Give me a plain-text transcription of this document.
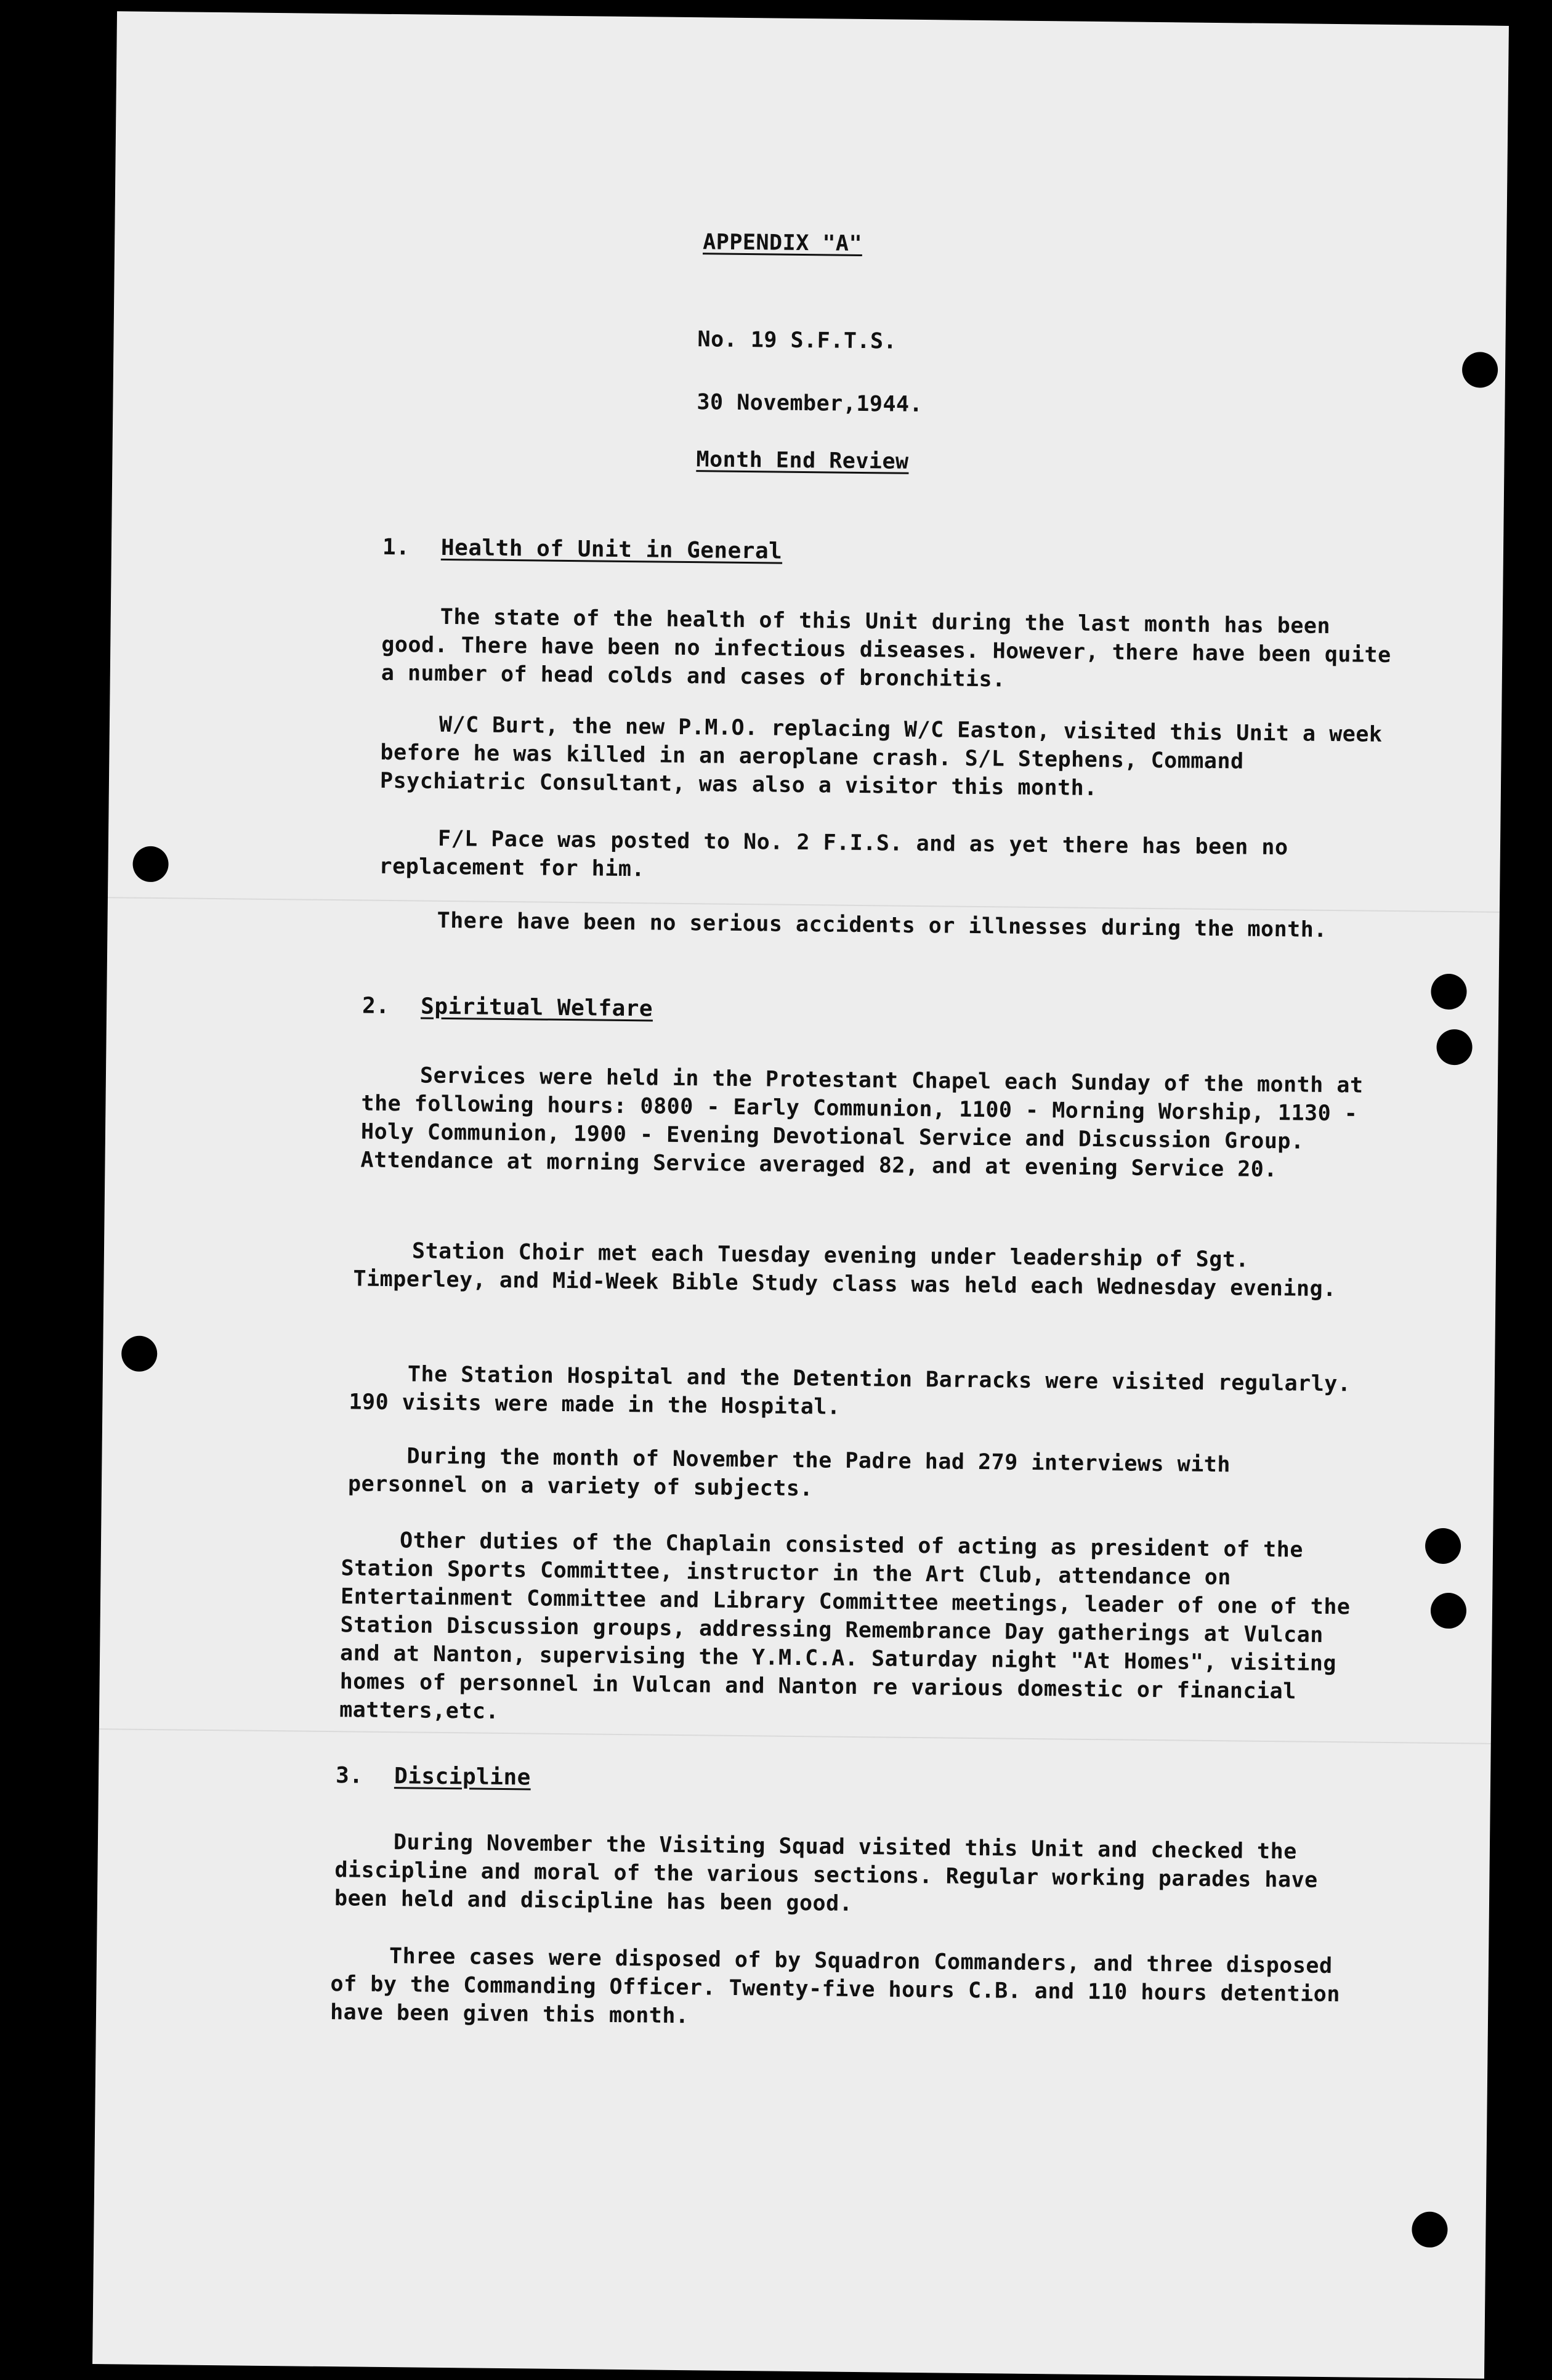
APPENDIX "A"
No. 19 S.F.T.S.
30 November,1944.
Month End Review
1. Health of Unit in General
The state of the health of this Unit during the last month has been good. There have been no infectious diseases. However, there have been quite a number of head colds and cases of bronchitis.
W/C Burt, the new P.M.O. replacing W/C Easton, visited this Unit a week before he was killed in an aeroplane crash. S/L Stephens, Command Psychiatric Consultant, was also a visitor this month.
F/L Pace was posted to No. 2 F.I.S. and as yet there has been no replacement for him.
There have been no serious accidents or illnesses during the month.
2. Spiritual Welfare
Services were held in the Protestant Chapel each Sunday of the month at the following hours: 0800 - Early Communion, 1100 - Morning Worship, 1130 - Holy Communion, 1900 - Evening Devotional Service and Discussion Group. Attendance at morning Service averaged 82, and at evening Service 20.
Station Choir met each Tuesday evening under leadership of Sgt. Timperley, and Mid-Week Bible Study class was held each Wednesday evening.
The Station Hospital and the Detention Barracks were visited regularly. 190 visits were made in the Hospital.
During the month of November the Padre had 279 interviews with personnel on a variety of subjects.
Other duties of the Chaplain consisted of acting as president of the Station Sports Committee, instructor in the Art Club, attendance on Entertainment Committee and Library Committee meetings, leader of one of the Station Discussion groups, addressing Remembrance Day gatherings at Vulcan and at Nanton, supervising the Y.M.C.A. Saturday night "At Homes", visiting homes of personnel in Vulcan and Nanton re various domestic or financial matters,etc.
3. Discipline
During November the Visiting Squad visited this Unit and checked the discipline and moral of the various sections. Regular working parades have been held and discipline has been good.
Three cases were disposed of by Squadron Commanders, and three disposed of by the Commanding Officer. Twenty-five hours C.B. and 110 hours detention have been given this month.
